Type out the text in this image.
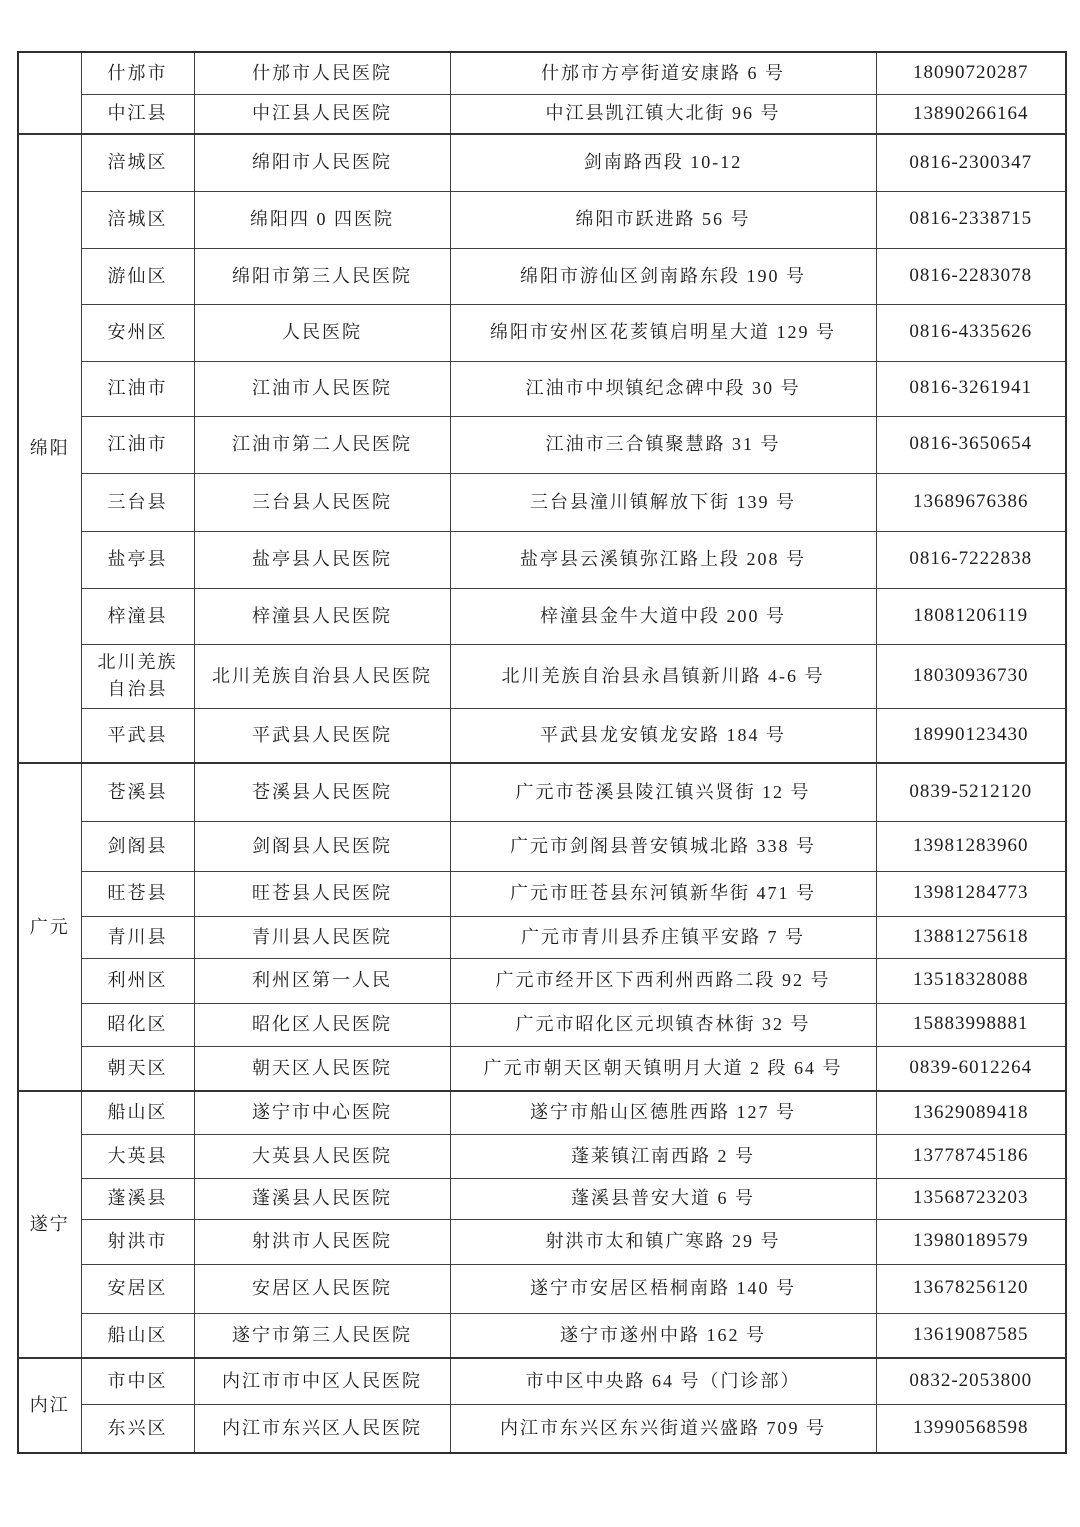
	什邡市	什邡市人民医院	什邡市方亭街道安康路 6 号	18090720287
	中江县	中江县人民医院	中江县凯江镇大北街 96 号	13890266164
绵阳	涪城区	绵阳市人民医院	剑南路西段 10-12	0816-2300347
	涪城区	绵阳四 0 四医院	绵阳市跃进路 56 号	0816-2338715
	游仙区	绵阳市第三人民医院	绵阳市游仙区剑南路东段 190 号	0816-2283078
	安州区	人民医院	绵阳市安州区花荄镇启明星大道 129 号	0816-4335626
	江油市	江油市人民医院	江油市中坝镇纪念碑中段 30 号	0816-3261941
	江油市	江油市第二人民医院	江油市三合镇聚慧路 31 号	0816-3650654
	三台县	三台县人民医院	三台县潼川镇解放下街 139 号	13689676386
	盐亭县	盐亭县人民医院	盐亭县云溪镇弥江路上段 208 号	0816-7222838
	梓潼县	梓潼县人民医院	梓潼县金牛大道中段 200 号	18081206119
	北川羌族自治县	北川羌族自治县人民医院	北川羌族自治县永昌镇新川路 4-6 号	18030936730
	平武县	平武县人民医院	平武县龙安镇龙安路 184 号	18990123430
广元	苍溪县	苍溪县人民医院	广元市苍溪县陵江镇兴贤街 12 号	0839-5212120
	剑阁县	剑阁县人民医院	广元市剑阁县普安镇城北路 338 号	13981283960
	旺苍县	旺苍县人民医院	广元市旺苍县东河镇新华街 471 号	13981284773
	青川县	青川县人民医院	广元市青川县乔庄镇平安路 7 号	13881275618
	利州区	利州区第一人民	广元市经开区下西利州西路二段 92 号	13518328088
	昭化区	昭化区人民医院	广元市昭化区元坝镇杏林街 32 号	15883998881
	朝天区	朝天区人民医院	广元市朝天区朝天镇明月大道 2 段 64 号	0839-6012264
遂宁	船山区	遂宁市中心医院	遂宁市船山区德胜西路 127 号	13629089418
	大英县	大英县人民医院	蓬莱镇江南西路 2 号	13778745186
	蓬溪县	蓬溪县人民医院	蓬溪县普安大道 6 号	13568723203
	射洪市	射洪市人民医院	射洪市太和镇广寒路 29 号	13980189579
	安居区	安居区人民医院	遂宁市安居区梧桐南路 140 号	13678256120
	船山区	遂宁市第三人民医院	遂宁市遂州中路 162 号	13619087585
内江	市中区	内江市市中区人民医院	市中区中央路 64 号（门诊部）	0832-2053800
	东兴区	内江市东兴区人民医院	内江市东兴区东兴街道兴盛路 709 号	13990568598
